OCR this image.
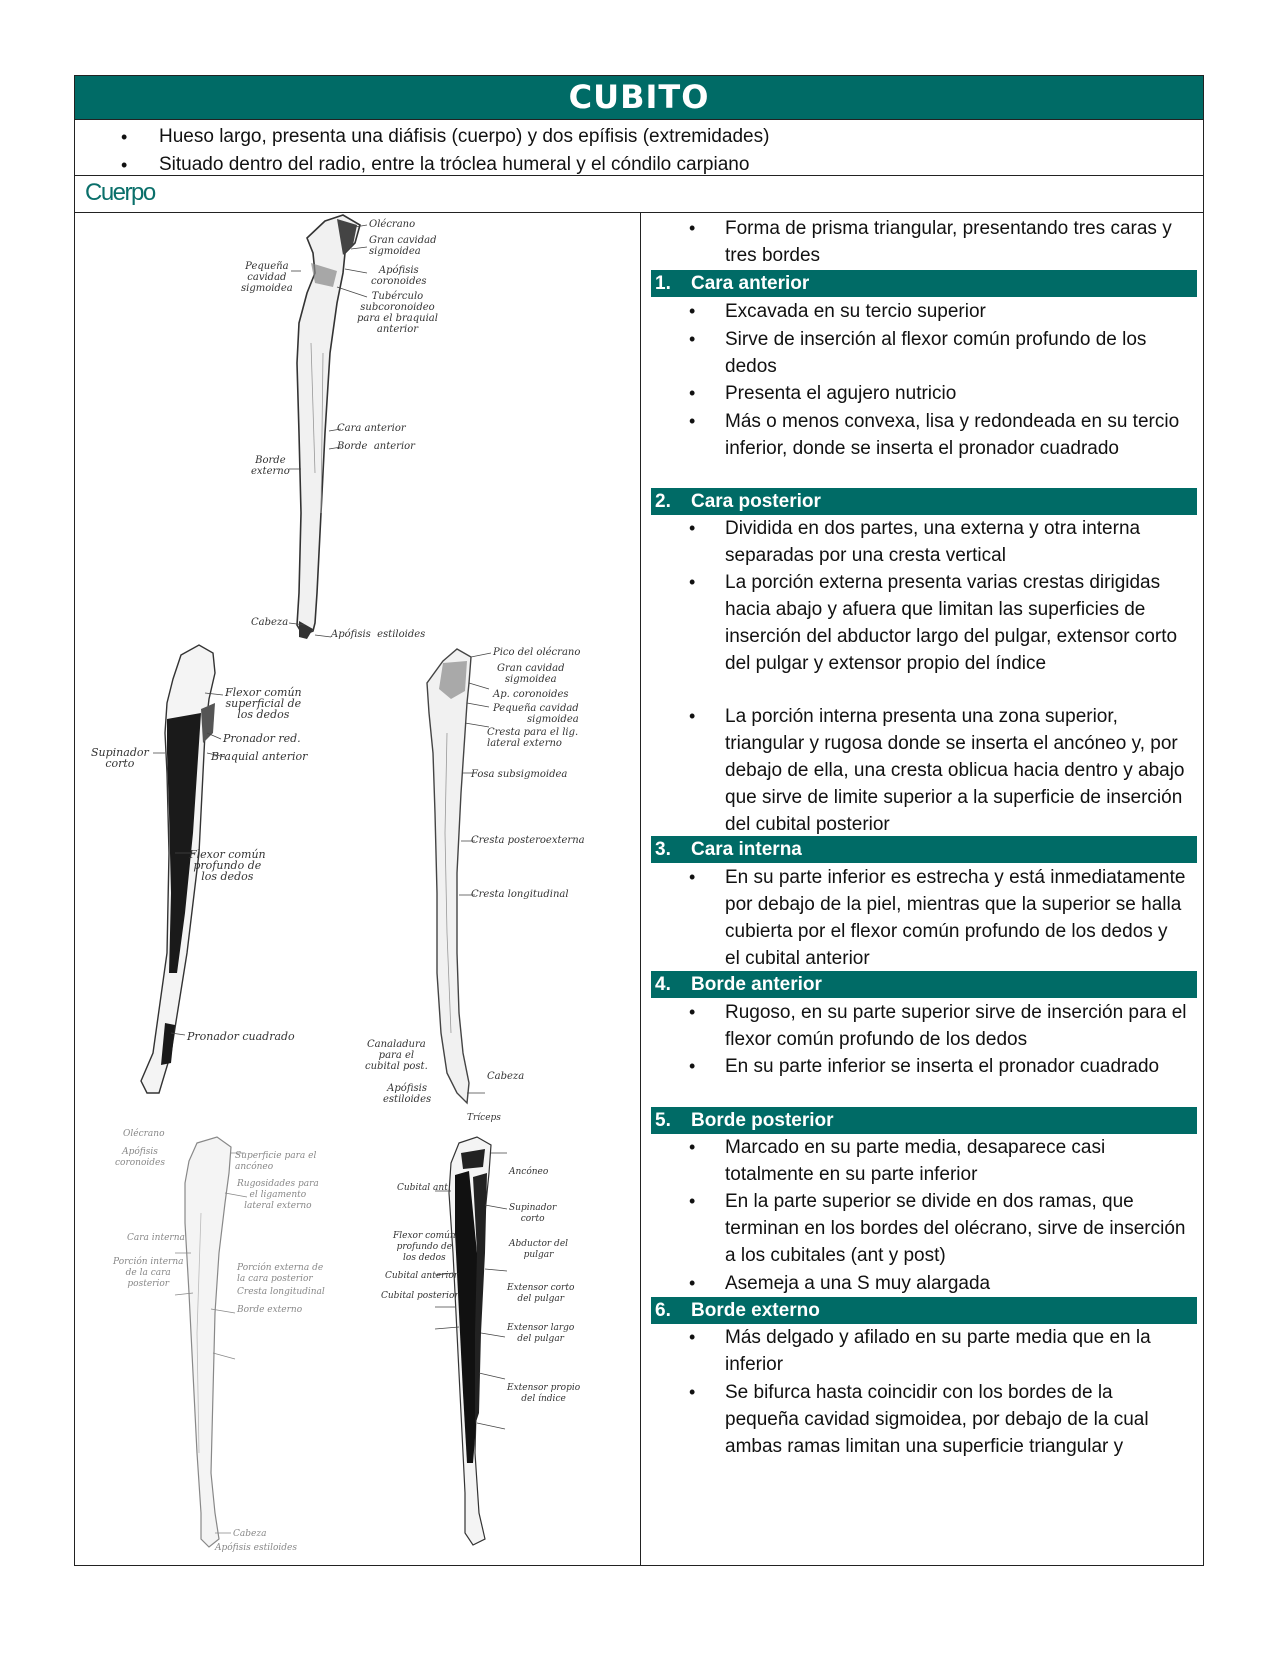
CUBITO
• Hueso largo, presenta una diáfisis (cuerpo) y dos epífisis (extremidades)
• Situado dentro del radio, entre la tróclea humeral y el cóndilo carpiano
Cuerpo
Olécrano
Gran cavidad
sigmoidea
Pequeña
cavidad
sigmoidea
Apófisis
coronoides
Tubérculo
subcoronoideo
para el braquial
anterior
Cara anterior
Borde  anterior
Borde
externo
Cabeza
Apófisis  estiloides
Flexor común
superficial de
los dedos
Pronador red.
Braquial anterior
Supinador
corto
Flexor común
profundo de
los dedos
Pronador cuadrado
Pico del olécrano
Gran cavidad
sigmoidea
Ap. coronoides
Pequeña cavidad
sigmoidea
Cresta para el lig.
lateral externo
Fosa subsigmoidea
Cresta posteroexterna
Cresta longitudinal
Canaladura
para el
cubital post.
Cabeza
Apófisis
estiloides
Olécrano
Apófisis
coronoides
Superficie para el
ancóneo
Rugosidades para
el ligamento
lateral externo
Cara interna
Porción interna
de la cara
posterior
Porción externa de
la cara posterior
Cresta longitudinal
Borde externo
Cabeza
Apófisis estiloides
Tríceps
Ancóneo
Cubital ant.
Supinador
corto
Flexor común
profundo de
los dedos
Abductor del
pulgar
Cubital anterior
Cubital posterior
Extensor corto
del pulgar
Extensor largo
del pulgar
Extensor propio
del índice
• Forma de prisma triangular, presentando tres caras y tres bordes
1. Cara anterior
• Excavada en su tercio superior
• Sirve de inserción al flexor común profundo de los dedos
• Presenta el agujero nutricio
• Más o menos convexa, lisa y redondeada en su tercio inferior, donde se inserta el pronador cuadrado
2. Cara posterior
• Dividida en dos partes, una externa y otra interna separadas por una cresta vertical
• La porción externa presenta varias crestas dirigidas hacia abajo y afuera que limitan las superficies de inserción del abductor largo del pulgar, extensor corto del pulgar y extensor propio del índice
• La porción interna presenta una zona superior, triangular y rugosa donde se inserta el ancóneo y, por debajo de ella, una cresta oblicua hacia dentro y abajo que sirve de limite superior a la superficie de inserción del cubital posterior
3. Cara interna
• En su parte inferior es estrecha y está inmediatamente por debajo de la piel, mientras que la superior se halla cubierta por el flexor común profundo de los dedos y el cubital anterior
4. Borde anterior
• Rugoso, en su parte superior sirve de inserción para el flexor común profundo de los dedos
• En su parte inferior se inserta el pronador cuadrado
5. Borde posterior
• Marcado en su parte media, desaparece casi totalmente en su parte inferior
• En la parte superior se divide en dos ramas, que terminan en los bordes del olécrano, sirve de inserción a los cubitales (ant y post)
• Asemeja a una S muy alargada
6. Borde externo
• Más delgado y afilado en su parte media que en la inferior
• Se bifurca hasta coincidir con los bordes de la pequeña cavidad sigmoidea, por debajo de la cual ambas ramas limitan una superficie triangular y
